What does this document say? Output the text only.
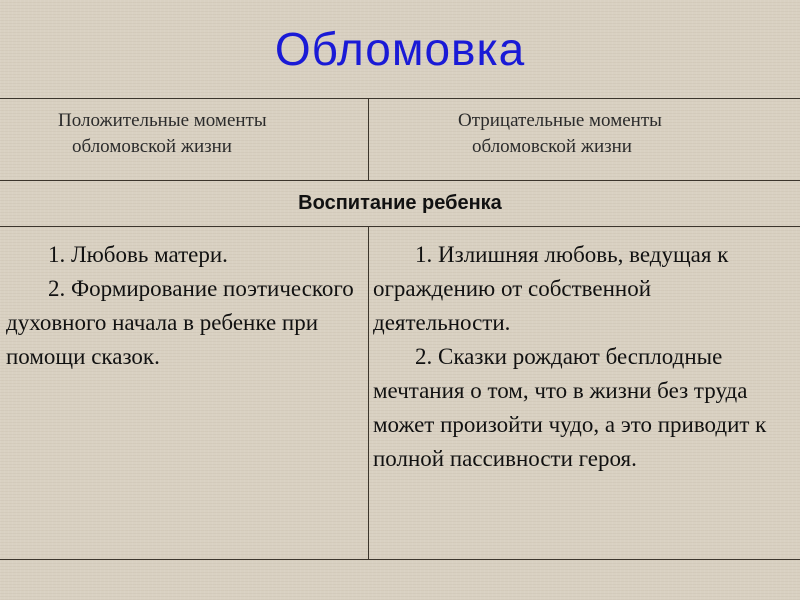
Обломовка
Положительные моменты
обломовской жизни
Отрицательные моменты
обломовской жизни
Воспитание ребенка

1. Любовь матери.

2. Формирование поэтического духовного начала в ребенке при помощи сказок.

1. Излишняя любовь, ведущая к ограждению от собственной деятельности.

2. Сказки рождают бесплодные мечтания о том, что в жизни без труда может произойти чудо, а это приводит к полной пассивности героя.
